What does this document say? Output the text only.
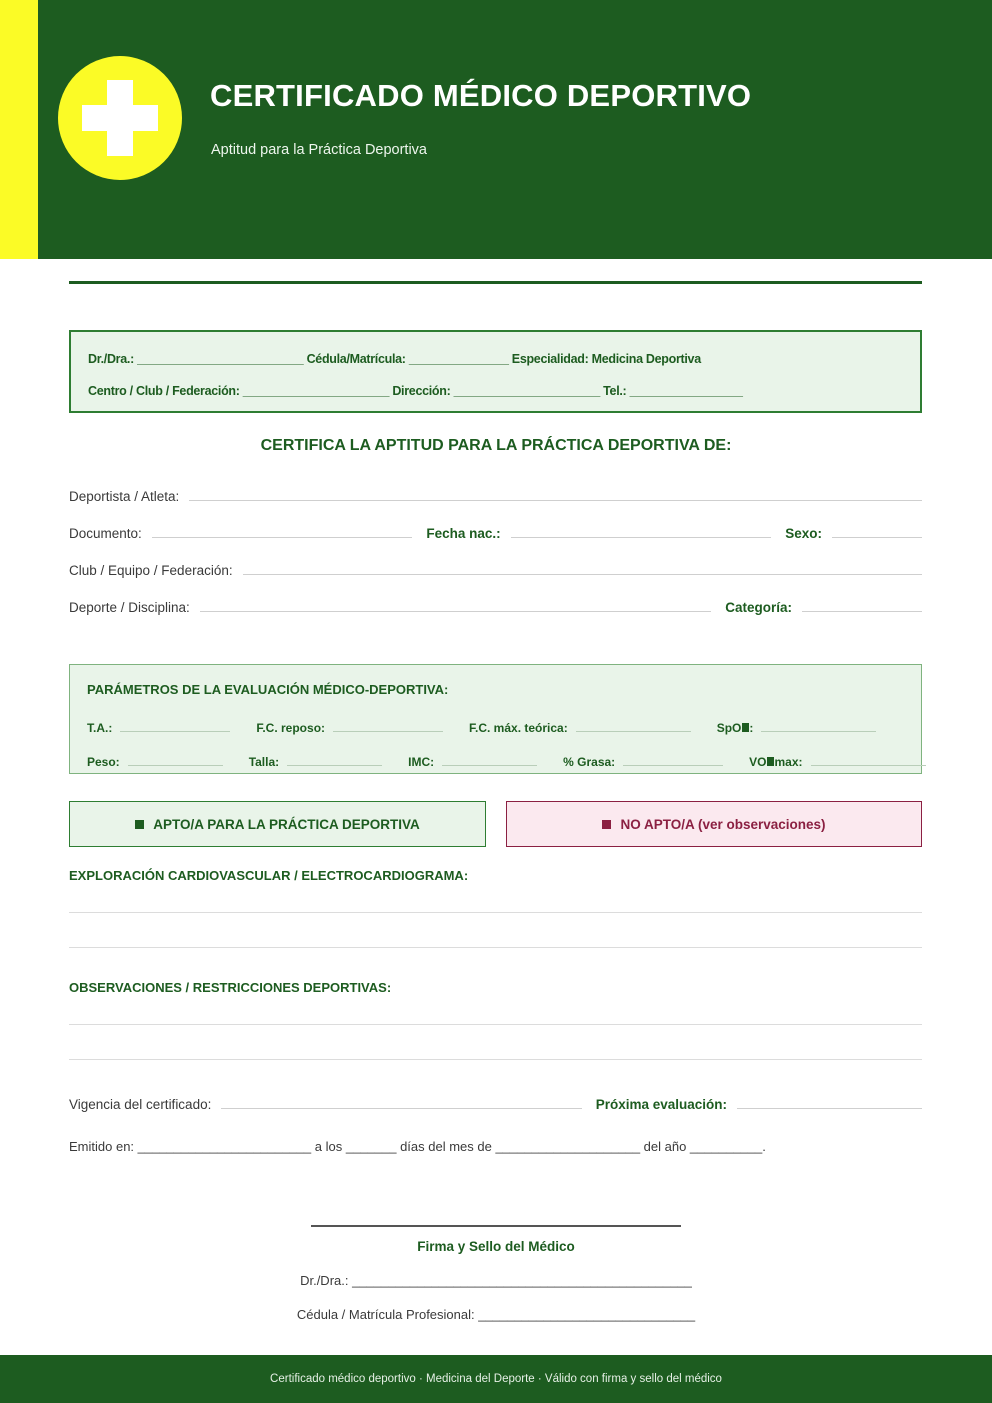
CERTIFICADO MÉDICO DEPORTIVO
Aptitud para la Práctica Deportiva
Dr./Dra.: _________________________ Cédula/Matrícula: _______________ Especialidad: Medicina Deportiva
Centro / Club / Federación: ______________________ Dirección: ______________________ Tel.: _________________
CERTIFICA LA APTITUD PARA LA PRÁCTICA DEPORTIVA DE:
Deportista / Atleta:
Documento:	Fecha nac.:	Sexo:
Club / Equipo / Federación:
Deporte / Disciplina:	Categoría:
PARÁMETROS DE LA EVALUACIÓN MÉDICO-DEPORTIVA:
T.A.:	F.C. reposo:	F.C. máx. teórica:	SpO :
Peso:	Talla:	IMC:	% Grasa:	VO max:
APTO/A PARA LA PRÁCTICA DEPORTIVA	NO APTO/A (ver observaciones)
EXPLORACIÓN CARDIOVASCULAR / ELECTROCARDIOGRAMA:
OBSERVACIONES / RESTRICCIONES DEPORTIVAS:
Vigencia del certificado:	Próxima evaluación:
Emitido en: ________________________ a los _______ días del mes de ____________________ del año __________.
Firma y Sello del Médico
Dr./Dra.: _______________________________________________
Cédula / Matrícula Profesional: ______________________________
Certificado médico deportivo · Medicina del Deporte · Válido con firma y sello del médico
